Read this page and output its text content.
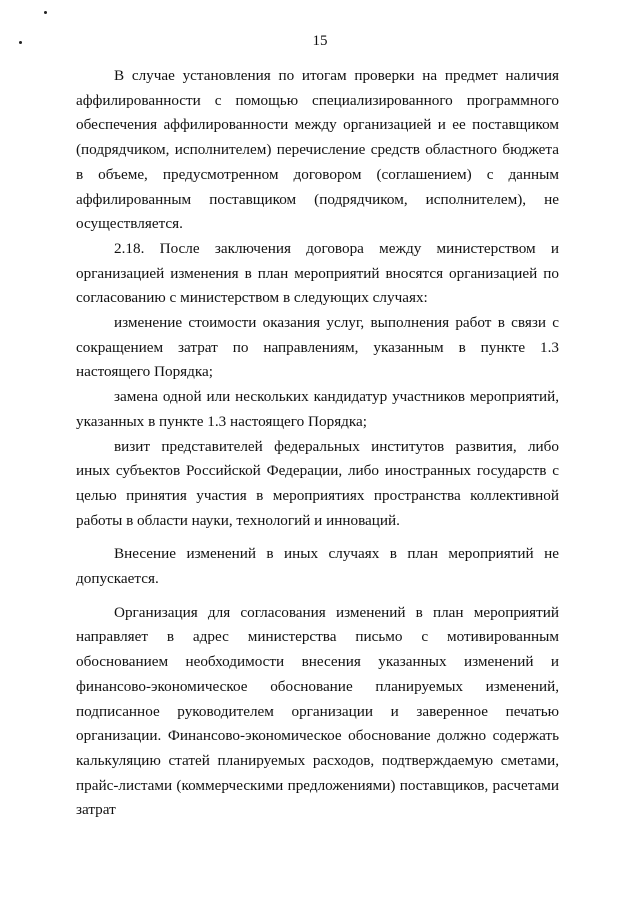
15

В случае установления по итогам проверки на предмет наличия аффилированности с помощью специализированного программного обеспечения аффилированности между организацией и ее поставщиком (подрядчиком, исполнителем) перечисление средств областного бюджета в объеме, предусмотренном договором (соглашением) с данным аффилированным поставщиком (подрядчиком, исполнителем), не осуществляется.

2.18. После заключения договора между министерством и организацией изменения в план мероприятий вносятся организацией по согласованию с министерством в следующих случаях:

изменение стоимости оказания услуг, выполнения работ в связи с сокращением затрат по направлениям, указанным в пункте 1.3 настоящего Порядка;

замена одной или нескольких кандидатур участников мероприятий, указанных в пункте 1.3 настоящего Порядка;

визит представителей федеральных институтов развития, либо иных субъектов Российской Федерации, либо иностранных государств с целью принятия участия в мероприятиях пространства коллективной работы в области науки, технологий и инноваций.

Внесение изменений в иных случаях в план мероприятий не допускается.

Организация для согласования изменений в план мероприятий направляет в адрес министерства письмо с мотивированным обоснованием необходимости внесения указанных изменений и финансово-экономическое обоснование планируемых изменений, подписанное руководителем организации и заверенное печатью организации. Финансово-экономическое обоснование должно содержать калькуляцию статей планируемых расходов, подтверждаемую сметами, прайс-листами (коммерческими предложениями) поставщиков, расчетами затрат
